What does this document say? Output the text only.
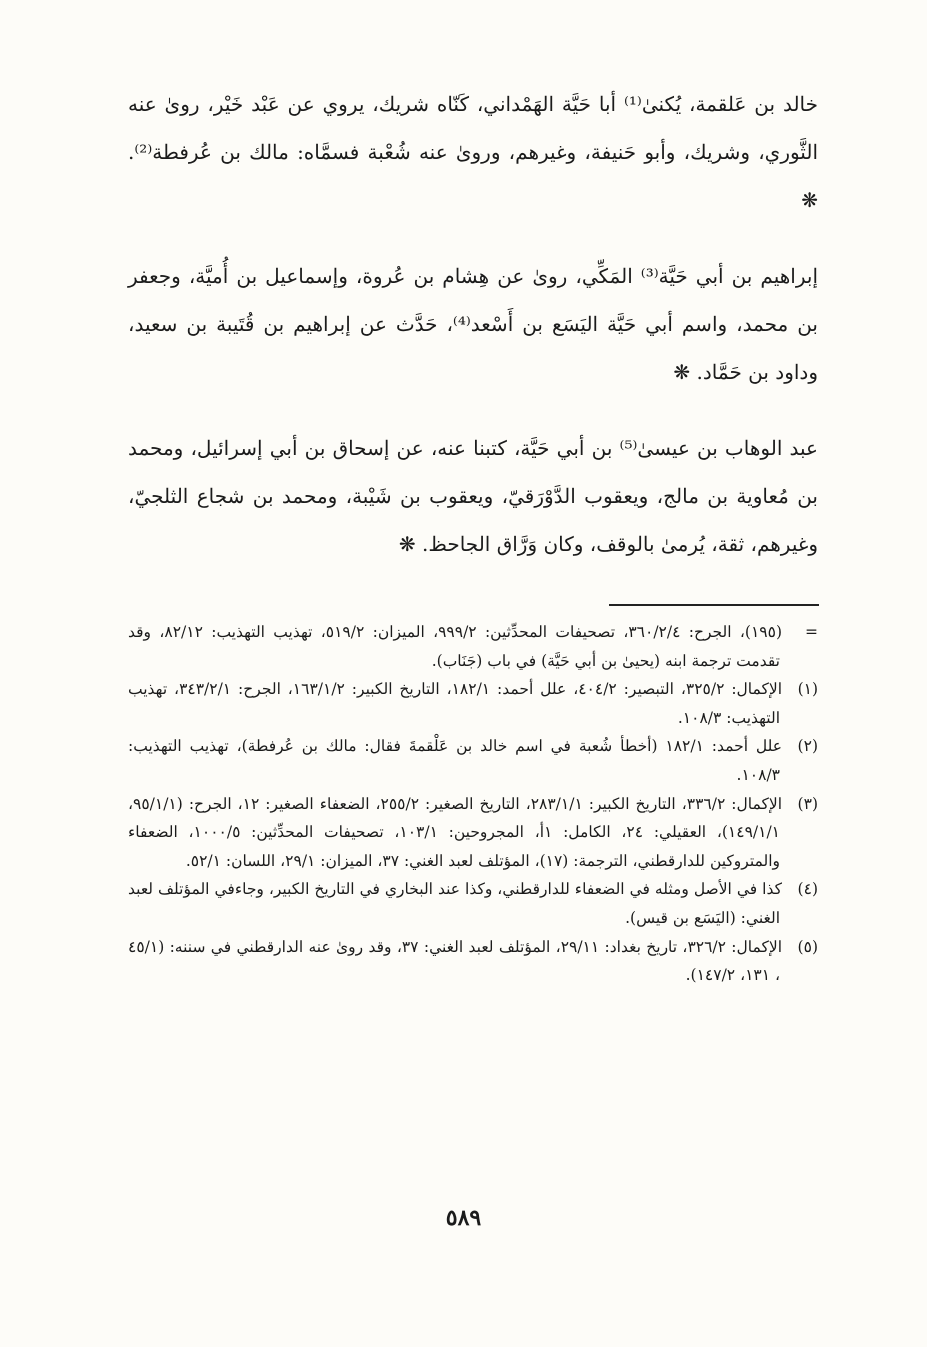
خالد بن عَلقمة، يُكنىٰ⁽¹⁾ أبا حَيَّة الهَمْداني، كَنّاه شريك، يروي عن عَبْد خَيْر، روىٰ عنه الثَّوري، وشريك، وأبو حَنيفة، وغيرهم، وروىٰ عنه شُعْبة فسمَّاه: مالك بن عُرفطة⁽²⁾. ❋

إبراهيم بن أبي حَيَّة⁽³⁾ المَكِّي، روىٰ عن هِشام بن عُروة، وإسماعيل بن أُميَّة، وجعفر بن محمد، واسم أبي حَيَّة اليَسَع بن أَسْعد⁽⁴⁾، حَدَّث عن إبراهيم بن قُتَيبة بن سعيد، وداود بن حَمَّاد. ❋

عبد الوهاب بن عيسىٰ⁽⁵⁾ بن أبي حَيَّة، كتبنا عنه، عن إسحاق بن أبي إسرائيل، ومحمد بن مُعاوية بن مالج، ويعقوب الدَّوْرَقيّ، ويعقوب بن شَيْبة، ومحمد بن شجاع الثلجيّ، وغيرهم، ثقة، يُرمىٰ بالوقف، وكان وَرَّاق الجاحظ. ❋

=(١٩٥)، الجرح: ٣٦٠/٢/٤، تصحيفات المحدِّثين: ٩٩٩/٢، الميزان: ٥١٩/٢، تهذيب التهذيب: ٨٢/١٢، وقد تقدمت ترجمة ابنه (يحيىٰ بن أبي حَيَّة) في باب (جَنَاب).

(١)الإكمال: ٣٢٥/٢، التبصير: ٤٠٤/٢، علل أحمد: ١٨٢/١، التاريخ الكبير: ١٦٣/١/٢، الجرح: ٣٤٣/٢/١، تهذيب التهذيب: ١٠٨/٣.

(٢)علل أحمد: ١٨٢/١ (أخطأ شُعبة في اسم خالد بن عَلْقمةَ فقال: مالك بن عُرفطة)، تهذيب التهذيب: ١٠٨/٣.

(٣)الإكمال: ٣٣٦/٢، التاريخ الكبير: ٢٨٣/١/١، التاريخ الصغير: ٢٥٥/٢، الضعفاء الصغير: ١٢، الجرح: (٩٥/١/١، ١٤٩/١/١)، العقيلي: ٢٤، الكامل: ١أ، المجروحين: ١٠٣/١، تصحيفات المحدِّثين: ١٠٠٠/٥، الضعفاء والمتروكين للدارقطني، الترجمة: (١٧)، المؤتلف لعبد الغني: ٣٧، الميزان: ٢٩/١، اللسان: ٥٢/١.

(٤)كذا في الأصل ومثله في الضعفاء للدارقطني، وكذا عند البخاري في التاريخ الكبير، وجاءفي المؤتلف لعبد الغني: (اليَسَع بن قيس).

(٥)الإكمال: ٣٢٦/٢، تاريخ بغداد: ٢٩/١١، المؤتلف لعبد الغني: ٣٧، وقد روىٰ عنه الدارقطني في سننه: (٤٥/١ ، ١٣١، ١٤٧/٢).

٥٨٩
